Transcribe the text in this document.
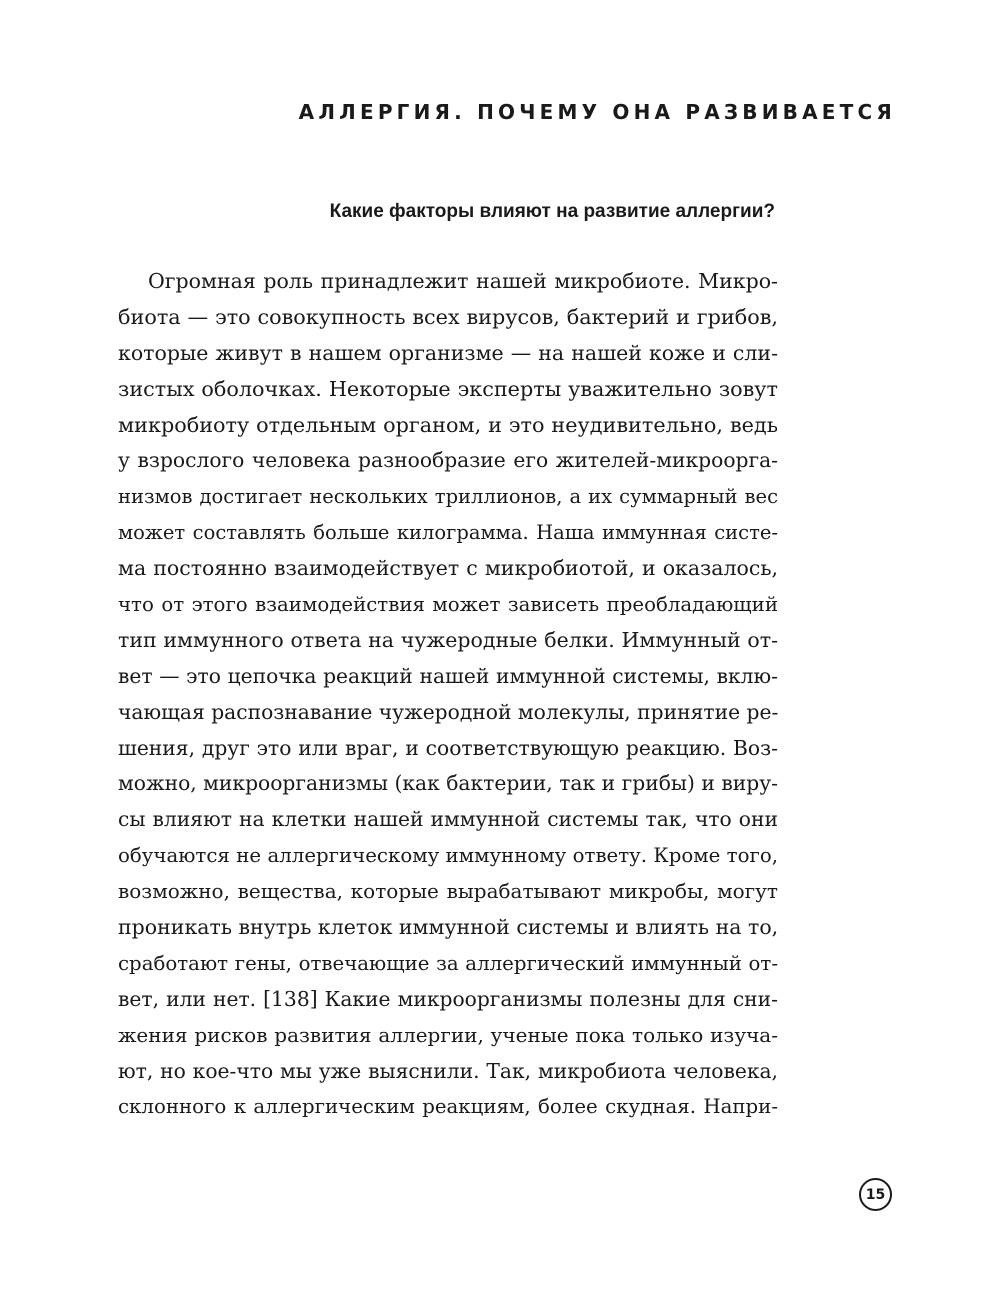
АЛЛЕРГИЯ. ПОЧЕМУ ОНА РАЗВИВАЕТСЯ
Какие факторы влияют на развитие аллергии?
Огромная роль принадлежит нашей микробиоте. Микро-
биота — это совокупность всех вирусов, бактерий и грибов,
которые живут в нашем организме — на нашей коже и сли-
зистых оболочках. Некоторые эксперты уважительно зовут
микробиоту отдельным органом, и это неудивительно, ведь
у взрослого человека разнообразие его жителей-микроорга-
низмов достигает нескольких триллионов, а их суммарный вес
может составлять больше килограмма. Наша иммунная систе-
ма постоянно взаимодействует с микробиотой, и оказалось,
что от этого взаимодействия может зависеть преобладающий
тип иммунного ответа на чужеродные белки. Иммунный от-
вет — это цепочка реакций нашей иммунной системы, вклю-
чающая распознавание чужеродной молекулы, принятие ре-
шения, друг это или враг, и соответствующую реакцию. Воз-
можно, микроорганизмы (как бактерии, так и грибы) и виру-
сы влияют на клетки нашей иммунной системы так, что они
обучаются не аллергическому иммунному ответу. Кроме того,
возможно, вещества, которые вырабатывают микробы, могут
проникать внутрь клеток иммунной системы и влиять на то,
сработают гены, отвечающие за аллергический иммунный от-
вет, или нет. [138] Какие микроорганизмы полезны для сни-
жения рисков развития аллергии, ученые пока только изуча-
ют, но кое-что мы уже выяснили. Так, микробиота человека,
склонного к аллергическим реакциям, более скудная. Напри-
15
